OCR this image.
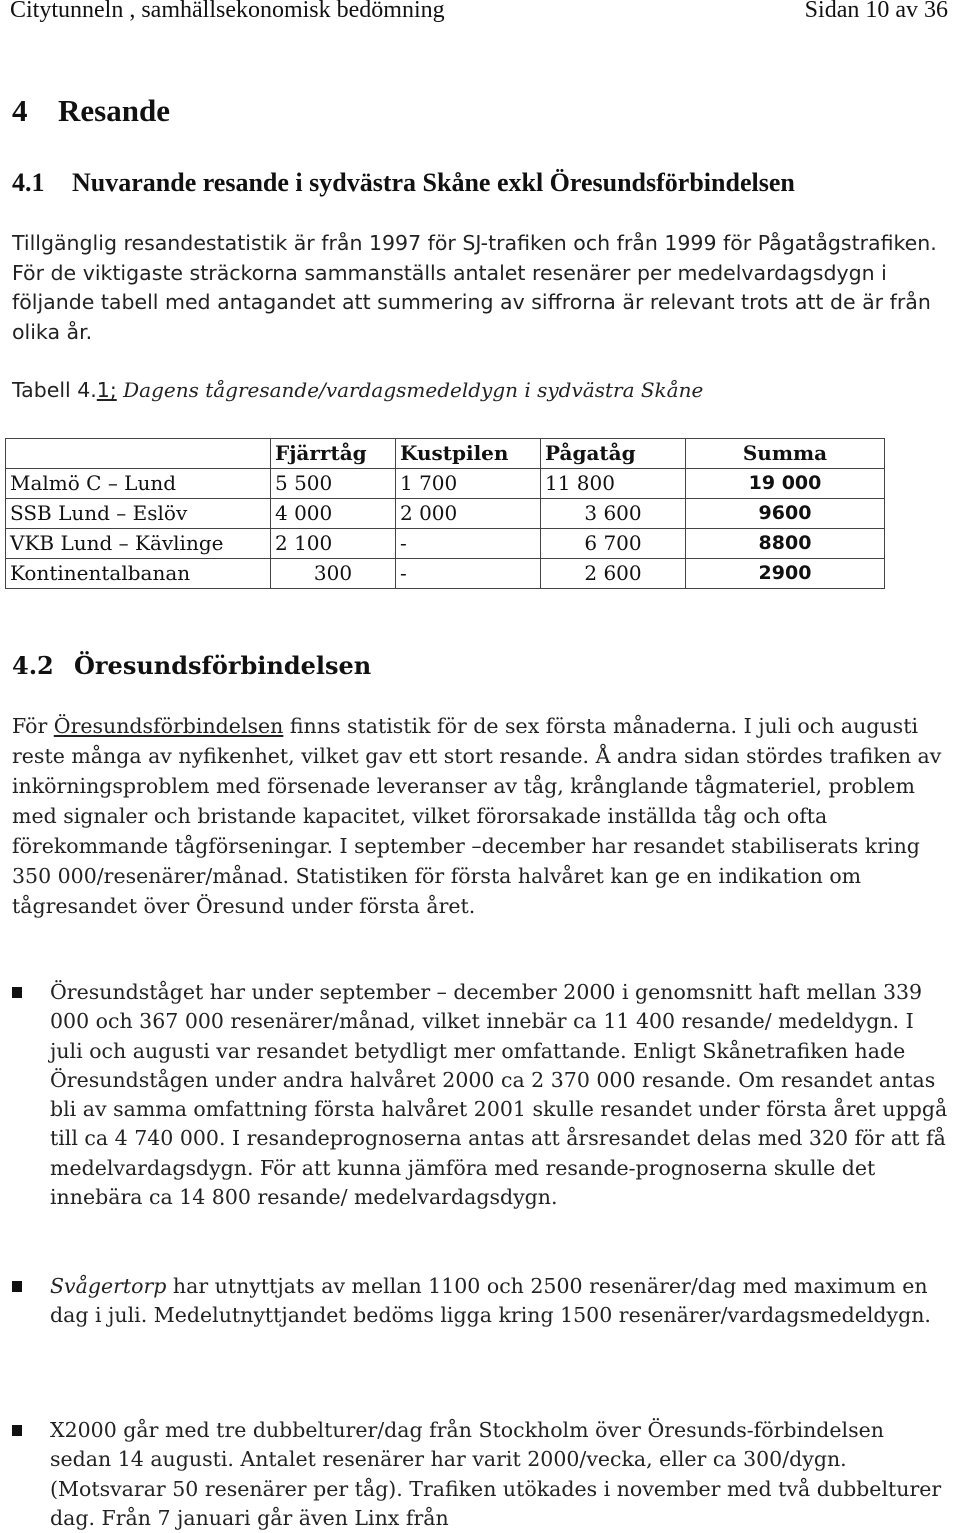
Citytunneln , samhällsekonomisk bedömning	Sidan 10 av 36
4 Resande
4.1 Nuvarande resande i sydvästra Skåne exkl Öresundsförbindelsen
Tillgänglig resandestatistik är från 1997 för SJ-trafiken och från 1999 för Pågatågstrafiken. För de viktigaste sträckorna sammanställs antalet resenärer per medelvardagsdygn i följande tabell med antagandet att summering av siffrorna är relevant trots att de är från olika år.
Tabell 4.1; Dagens tågresande/vardagsmedeldygn i sydvästra Skåne
	Fjärrtåg	Kustpilen	Pågatåg	Summa
Malmö C – Lund	5 500	1 700	11 800	19 000
SSB Lund – Eslöv	4 000	2 000	3 600	9600
VKB Lund – Kävlinge	2 100	-	6 700	8800
Kontinentalbanan	300	-	2 600	2900
4.2 Öresundsförbindelsen
För Öresundsförbindelsen finns statistik för de sex första månaderna. I juli och augusti reste många av nyfikenhet, vilket gav ett stort resande. Å andra sidan stördes trafiken av inkörningsproblem med försenade leveranser av tåg, krånglande tågmateriel, problem med signaler och bristande kapacitet, vilket förorsakade inställda tåg och ofta förekommande tågförseningar. I september –december har resandet stabiliserats kring 350 000/resenärer/månad. Statistiken för första halvåret kan ge en indikation om tågresandet över Öresund under första året.
Öresundståget har under september – december 2000 i genomsnitt haft mellan 339 000 och 367 000 resenärer/månad, vilket innebär ca 11 400 resande/ medeldygn. I juli och augusti var resandet betydligt mer omfattande. Enligt Skånetrafiken hade Öresundstågen under andra halvåret 2000 ca 2 370 000 resande. Om resandet antas bli av samma omfattning första halvåret 2001 skulle resandet under första året uppgå till ca 4 740 000. I resandeprognoserna antas att årsresandet delas med 320 för att få medelvardagsdygn. För att kunna jämföra med resande-prognoserna skulle det innebära ca 14 800 resande/ medelvardagsdygn.
Svågertorp har utnyttjats av mellan 1100 och 2500 resenärer/dag med maximum en dag i juli. Medelutnyttjandet bedöms ligga kring 1500 resenärer/vardagsmedeldygn.
X2000 går med tre dubbelturer/dag från Stockholm över Öresunds-förbindelsen sedan 14 augusti. Antalet resenärer har varit 2000/vecka, eller ca 300/dygn. (Motsvarar 50 resenärer per tåg). Trafiken utökades i november med två dubbelturer dag. Från 7 januari går även Linx från
